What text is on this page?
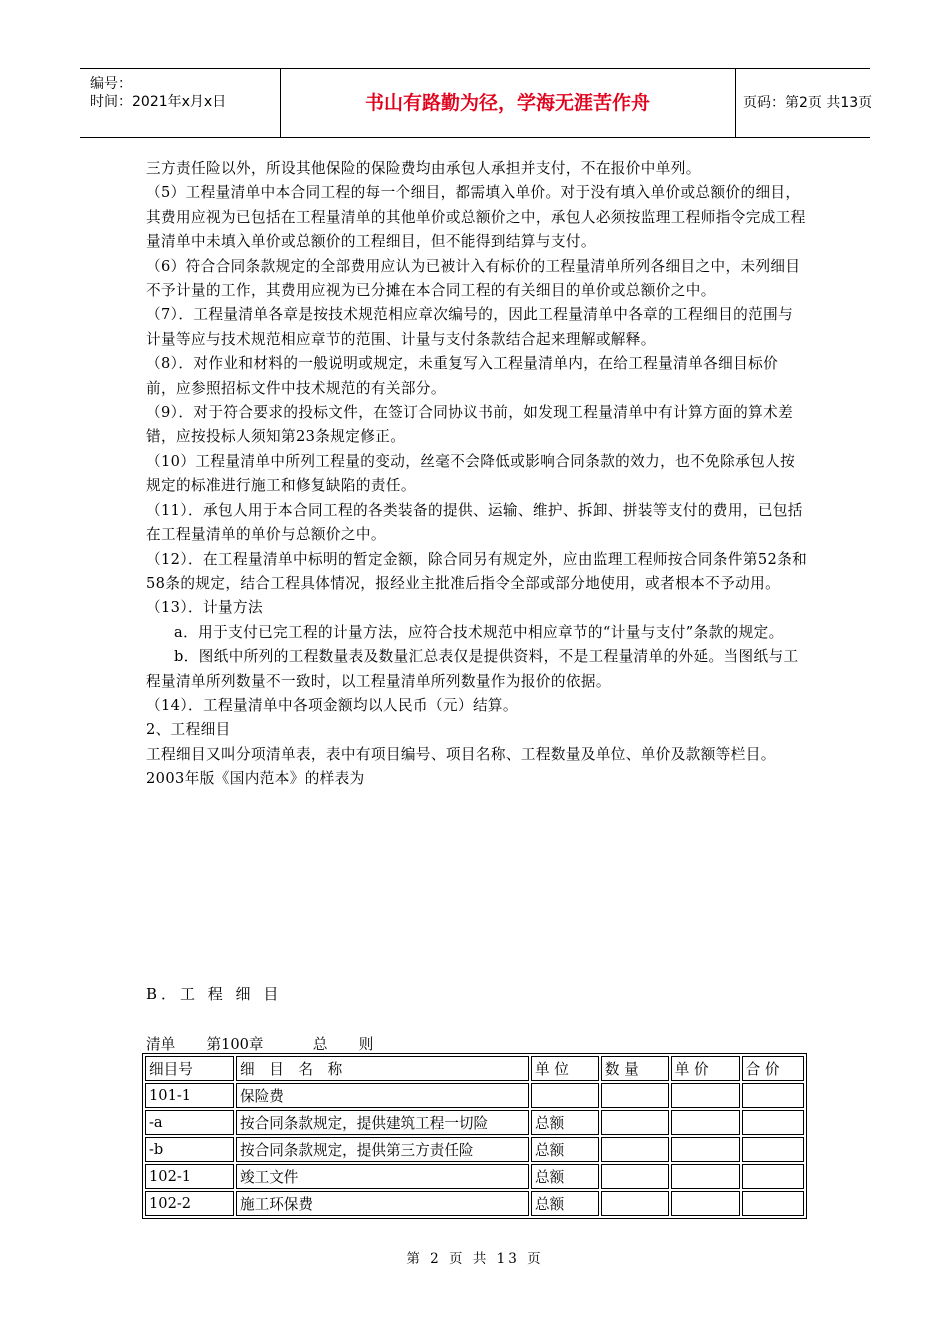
编号：
时间：2021年x月x日	书山有路勤为径，学海无涯苦作舟	页码：第2页 共13页

三方责任险以外，所设其他保险的保险费均由承包人承担并支付，不在报价中单列。

（5）工程量清单中本合同工程的每一个细目，都需填入单价。对于没有填入单价或总额价的细目，其费用应视为已包括在工程量清单的其他单价或总额价之中，承包人必须按监理工程师指令完成工程量清单中未填入单价或总额价的工程细目，但不能得到结算与支付。

（6）符合合同条款规定的全部费用应认为已被计入有标价的工程量清单所列各细目之中，未列细目不予计量的工作，其费用应视为已分摊在本合同工程的有关细目的单价或总额价之中。

（7）．工程量清单各章是按技术规范相应章次编号的，因此工程量清单中各章的工程细目的范围与计量等应与技术规范相应章节的范围、计量与支付条款结合起来理解或解释。

（8）．对作业和材料的一般说明或规定，未重复写入工程量清单内，在给工程量清单各细目标价前，应参照招标文件中技术规范的有关部分。

（9）．对于符合要求的投标文件，在签订合同协议书前，如发现工程量清单中有计算方面的算术差错，应按投标人须知第23条规定修正。

（10）工程量清单中所列工程量的变动，丝毫不会降低或影响合同条款的效力，也不免除承包人按规定的标准进行施工和修复缺陷的责任。

（11）．承包人用于本合同工程的各类装备的提供、运输、维护、拆卸、拼装等支付的费用，已包括在工程量清单的单价与总额价之中。

（12）．在工程量清单中标明的暂定金额，除合同另有规定外，应由监理工程师按合同条件第52条和58条的规定，结合工程具体情况，报经业主批准后指令全部或部分地使用，或者根本不予动用。

（13）．计量方法

a．用于支付已完工程的计量方法，应符合技术规范中相应章节的“计量与支付”条款的规定。

b．图纸中所列的工程数量表及数量汇总表仅是提供资料，不是工程量清单的外延。当图纸与工程量清单所列数量不一致时，以工程量清单所列数量作为报价的依据。

（14）．工程量清单中各项金额均以人民币（元）结算。

2、工程细目

工程细目又叫分项清单表，表中有项目编号、项目名称、工程数量及单位、单价及款额等栏目。2003年版《国内范本》的样表为

B．工 程 细 目
清单 第100章	总 则
细目号	细　目　名　称	单 位	数 量	单 价	合 价
101-1	保险费				
-a	按合同条款规定，提供建筑工程一切险	总额			
-b	按合同条款规定，提供第三方责任险	总额			
102-1	竣工文件	总额			
102-2	施工环保费	总额			
第 2 页 共 13 页
